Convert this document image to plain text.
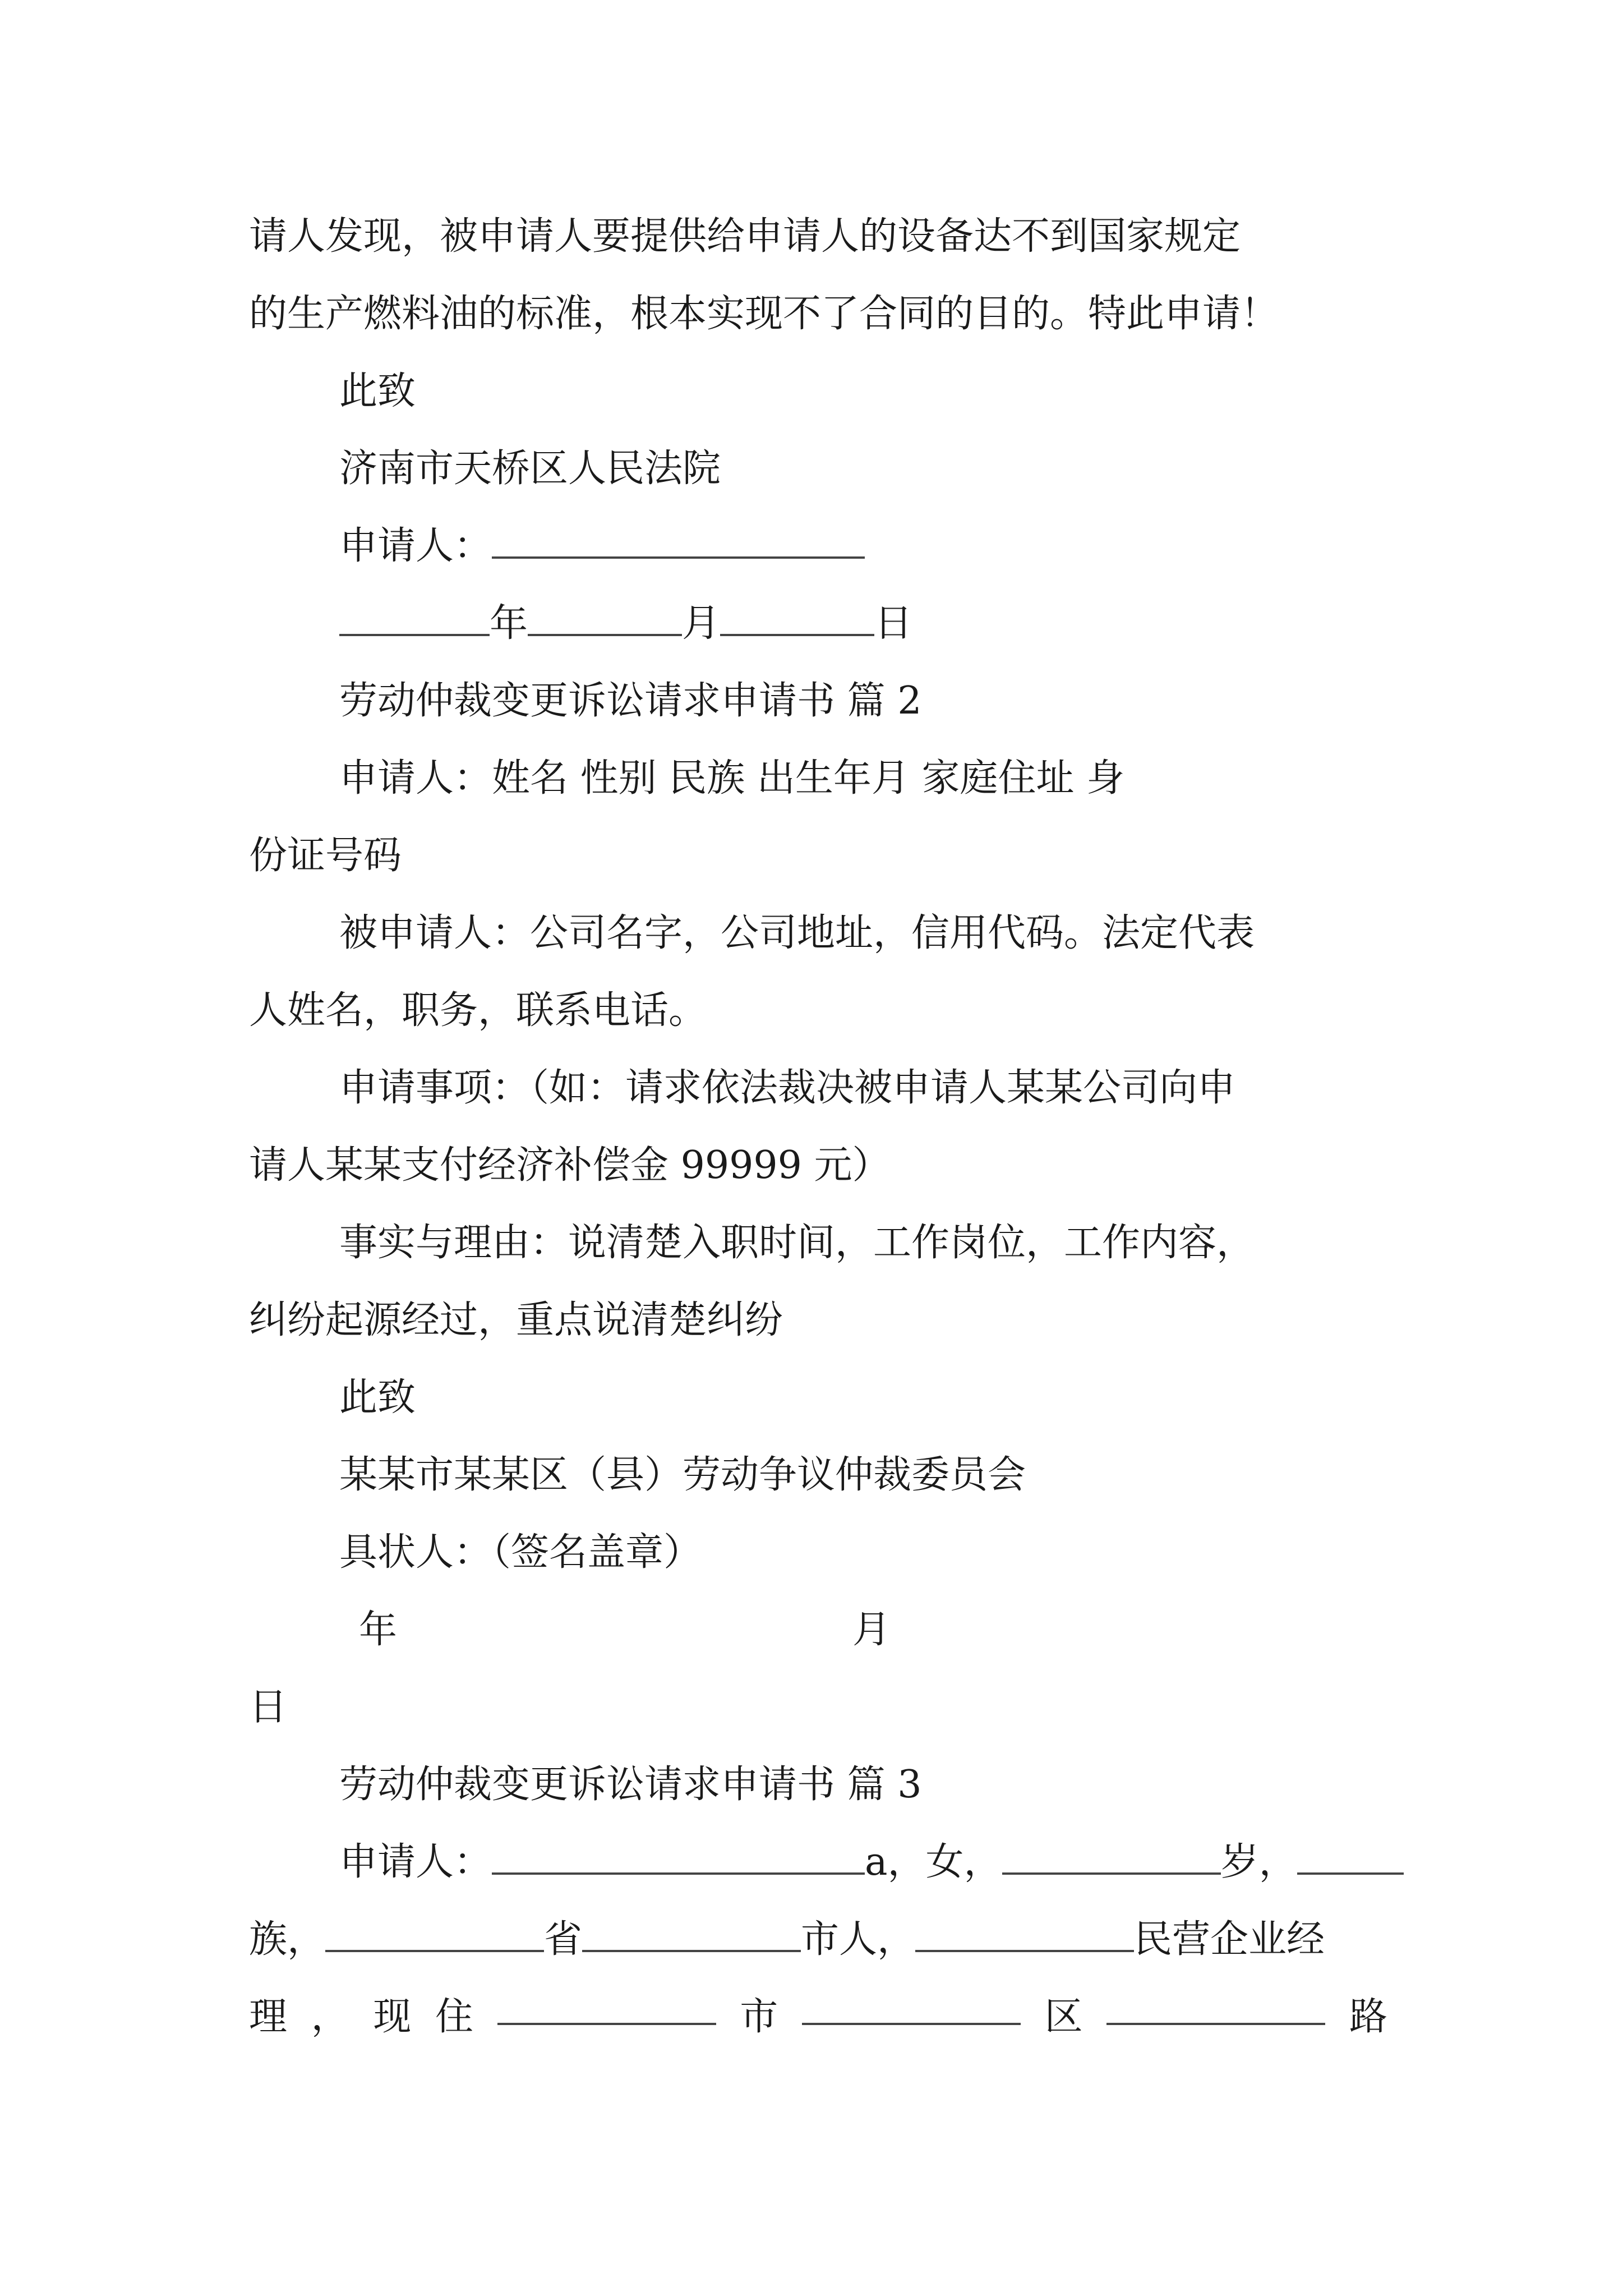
请人发现，被申请人要提供给申请人的设备达不到国家规定
的生产燃料油的标准，根本实现不了合同的目的。特此申请！
此致
济南市天桥区人民法院
申请人：
年	月	日
劳动仲裁变更诉讼请求申请书 篇 2
申请人：姓名 性别 民族 出生年月 家庭住址 身
份证号码
被申请人：公司名字，公司地址，信用代码。法定代表
人姓名，职务，联系电话。
申请事项：（如：请求依法裁决被申请人某某公司向申
请人某某支付经济补偿金 99999 元）
事实与理由：说清楚入职时间，工作岗位，工作内容，
纠纷起源经过，重点说清楚纠纷
此致
某某市某某区（县）劳动争议仲裁委员会
具状人：（签名盖章）
年	月
日
劳动仲裁变更诉讼请求申请书 篇 3
申请人：	a，女，	岁，
族，	省	市人，	民营企业经
理 ， 现 住	市	区	路
